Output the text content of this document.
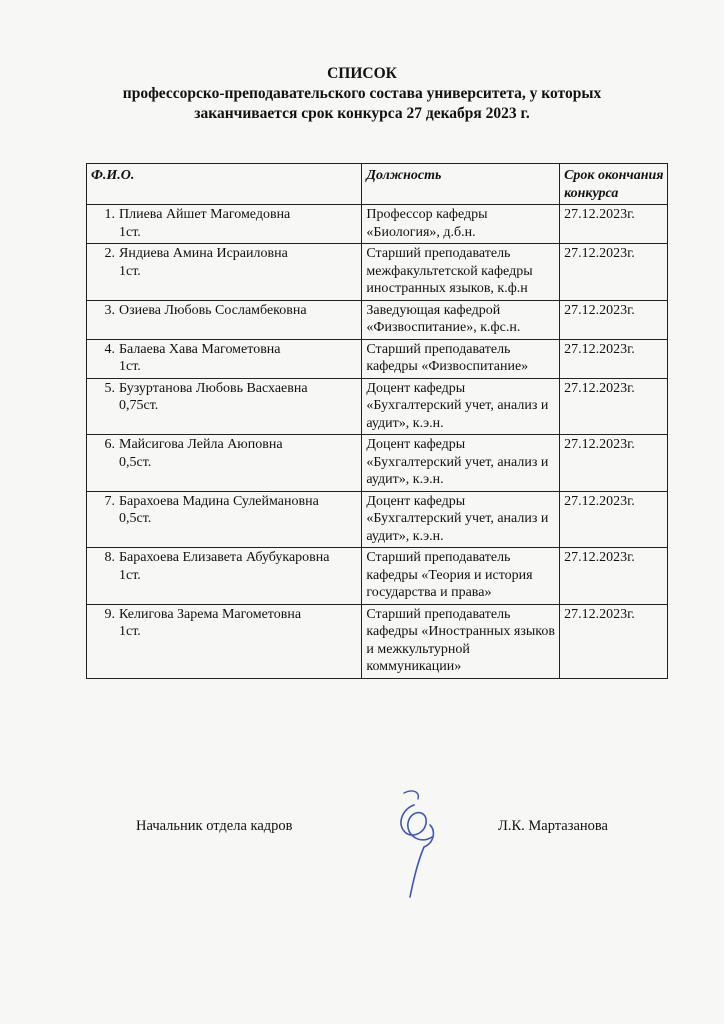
СПИСОК
профессорско-преподавательского состава университета, у которых
заканчивается срок конкурса 27 декабря 2023 г.
Ф.И.О.	Должность	Срок окончания конкурса

1. Плиева Айшет Магомедовна
1ст.	Профессор кафедры «Биология», д.б.н.	27.12.2023г.

2. Яндиева Амина Исраиловна
1ст.	Старший преподаватель межфакультетской кафедры иностранных языков, к.ф.н	27.12.2023г.

3. Озиева Любовь Сосламбековна	Заведующая кафедрой «Физвоспитание», к.фс.н.	27.12.2023г.

4. Балаева Хава Магометовна
1ст.	Старший преподаватель кафедры «Физвоспитание»	27.12.2023г.

5. Бузуртанова Любовь Васхаевна
0,75ст.	Доцент кафедры «Бухгалтерский учет, анализ и аудит», к.э.н.	27.12.2023г.

6. Майсигова Лейла Аюповна
0,5ст.	Доцент кафедры «Бухгалтерский учет, анализ и аудит», к.э.н.	27.12.2023г.

7. Барахоева Мадина Сулеймановна
0,5ст.	Доцент кафедры «Бухгалтерский учет, анализ и аудит», к.э.н.	27.12.2023г.

8. Барахоева Елизавета Абубукаровна
1ст.	Старший преподаватель кафедры «Теория и история государства и права»	27.12.2023г.

9. Келигова Зарема Магометовна
1ст.	Старший преподаватель кафедры «Иностранных языков и межкультурной коммуникации»	27.12.2023г.
Начальник отдела кадров	Л.К. Мартазанова
